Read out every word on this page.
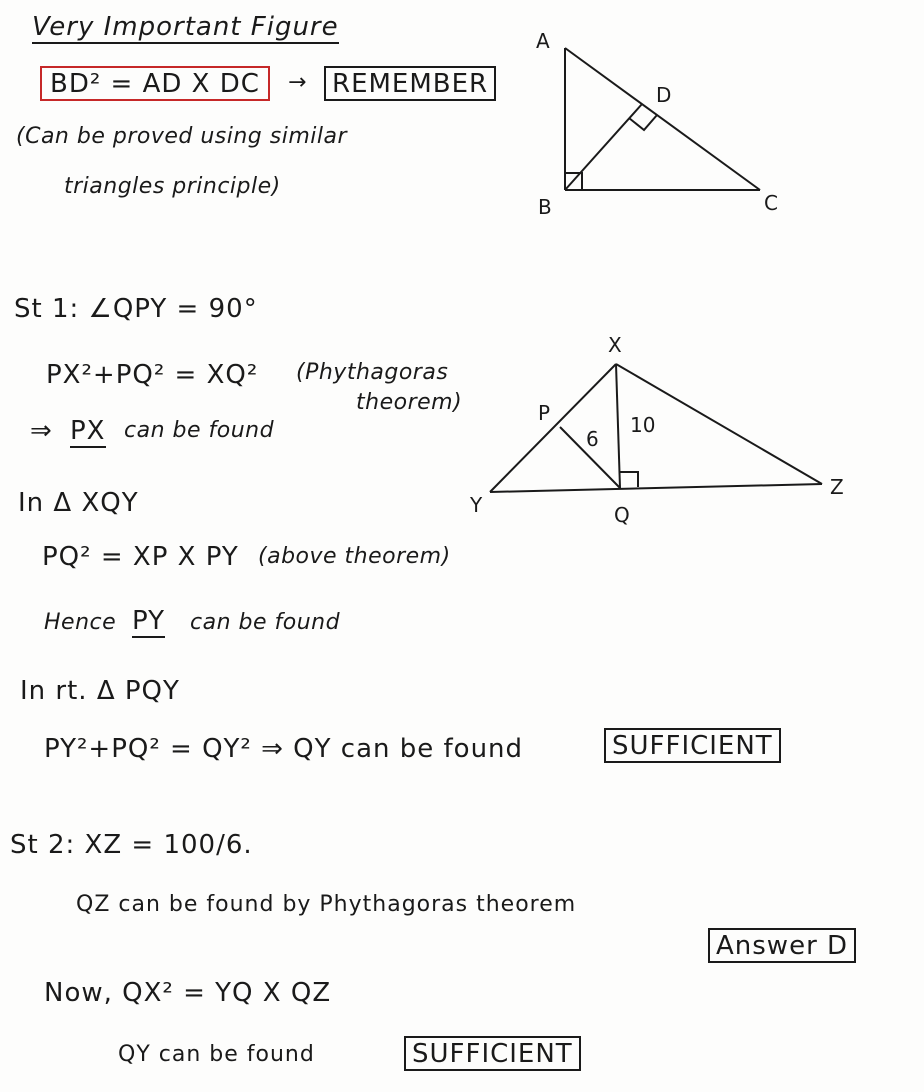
Very Important Figure
BD² = AD X DC	→ REMEMBER
(Can be proved using similar
triangles principle)
A
B	C
D
X
Y
Z
P
Q
6
10
St 1: ∠QPY = 90°
PX²+PQ² = XQ² (Phythagoras
theorem)
⇒ PX can be found
In Δ XQY
PQ² = XP X PY (above theorem)
Hence PY can be found
In rt. Δ PQY
PY²+PQ² = QY² ⇒ QY can be found	SUFFICIENT
St 2: XZ = 100/6.
QZ can be found by Phythagoras theorem
Now, QX² = YQ X QZ
QY can be found	SUFFICIENT
Answer D
